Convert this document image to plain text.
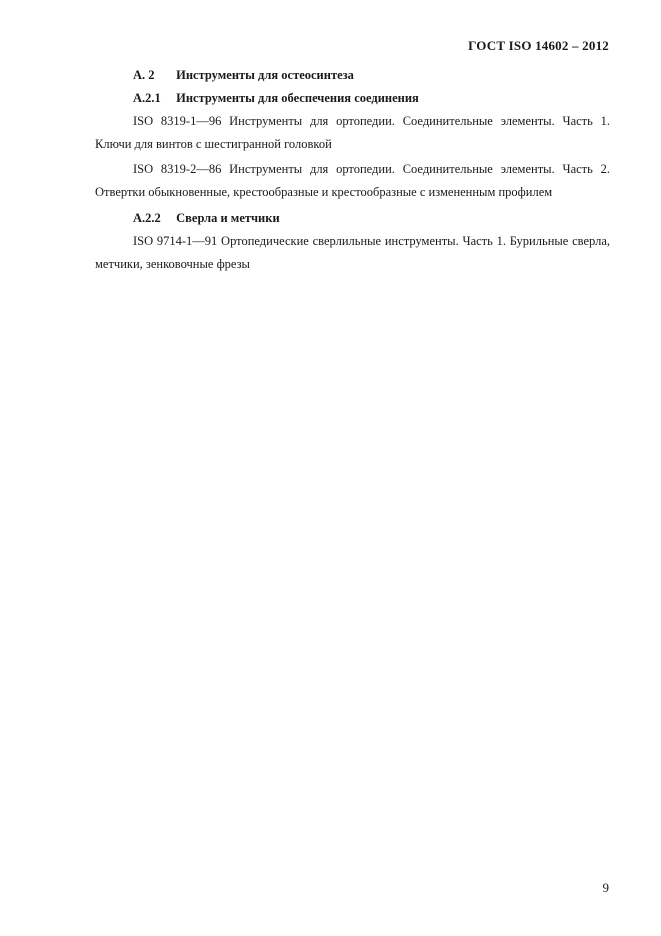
ГОСТ ISO 14602 – 2012
А. 2 Инструменты для остеосинтеза
А.2.1 Инструменты для обеспечения соединения

ISO 8319-1—96 Инструменты для ортопедии. Соединительные элементы. Часть 1. Ключи для винтов с шестигранной головкой

ISO 8319-2—86 Инструменты для ортопедии. Соединительные элементы. Часть 2. Отвертки обыкновенные, крестообразные и крестообразные с измененным профилем

А.2.2 Сверла и метчики

ISO 9714-1—91 Ортопедические сверлильные инструменты. Часть 1. Бурильные сверла, метчики, зенковочные фрезы

9
